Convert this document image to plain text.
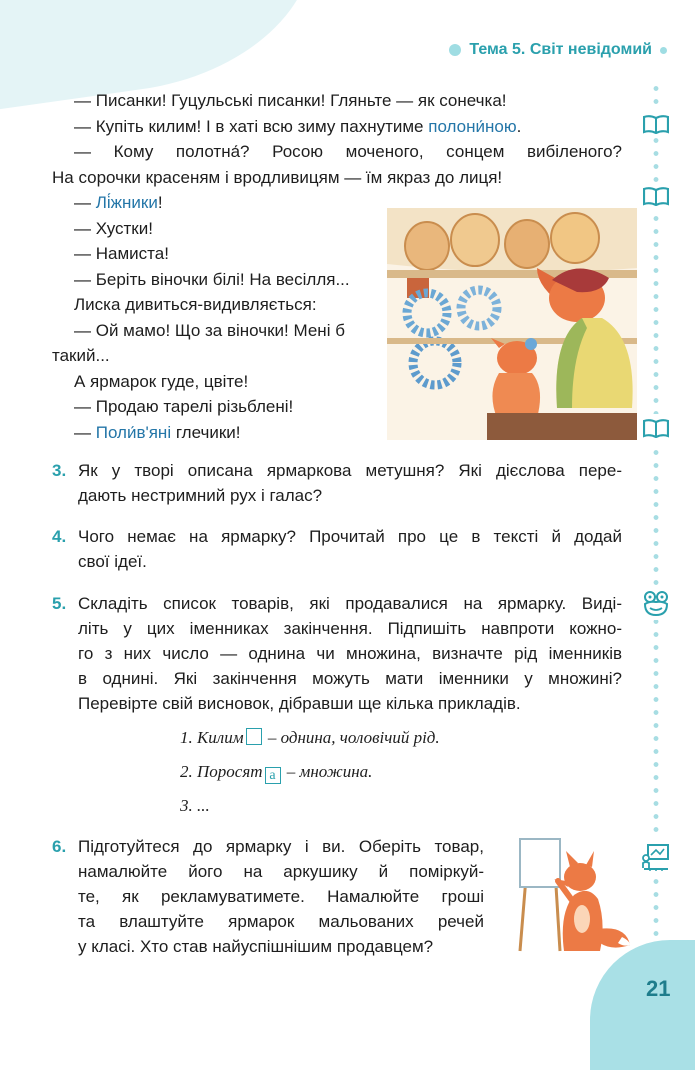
Тема 5. Світ невідомий
— Писанки! Гуцульські писанки! Гляньте — як сонечка!
— Купіть килим! І в хаті всю зиму пахнутиме полони́ною.
— Кому полотна́? Росою моченого, сонцем вибіленого?
На сорочки красеням і вродливицям — їм якраз до лиця!
— Лі́жники!
— Хустки!
— Намиста!
— Беріть віночки білі! На весілля...
Лиска дивиться-видивляється:
— Ой мамо! Що за віночки! Мені б
такий...
А ярмарок гуде, цвіте!
— Продаю тарелі різьблені!
— Поли́в'яні глечики!
3. Як у творі описана ярмаркова метушня? Які дієслова пере-
дають нестримний рух і галас?
4. Чого немає на ярмарку? Прочитай про це в тексті й додай
свої ідеї.
5. Складіть список товарів, які продавалися на ярмарку. Виді-
літь у цих іменниках закінчення. Підпишіть навпроти кожно-
го з них число — однина чи множина, визначте рід іменників
в однині. Які закінчення можуть мати іменники у множині?
Перевірте свій висновок, дібравши ще кілька прикладів.
1. Килим – однина, чоловічий рід.
2. Поросят а – множина.
3. ...
6. Підготуйтеся до ярмарку і ви. Оберіть товар,
намалюйте його на аркушику й поміркуй-
те, як рекламуватимете. Намалюйте гроші
та влаштуйте ярмарок мальованих речей
у класі. Хто став найуспішнішим продавцем?
21
